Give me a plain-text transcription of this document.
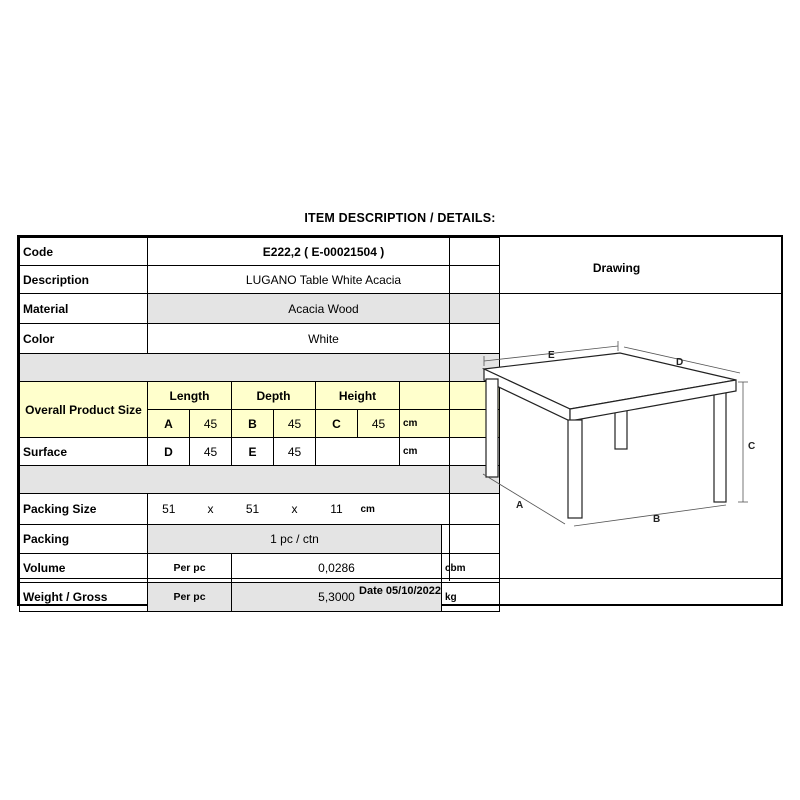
ITEM DESCRIPTION / DETAILS:
Code	E222,2 ( E-00021504 )							
Description	LUGANO Table White Acacia							
Material	Acacia Wood							
Color	White							

Overall Product Size	Length		Depth		Height			
	A	45	B	45	C	45	cm	
Surface	D	45	E	45			cm	

Packing Size	51	x	51	x	11	cm		
Packing	1 pc / ctn							
Volume	Per pc		0,0286					cbm
Weight / Gross	Per pc		5,3000					kg
Drawing
E
D
C
A
B
Date 05/10/2022
